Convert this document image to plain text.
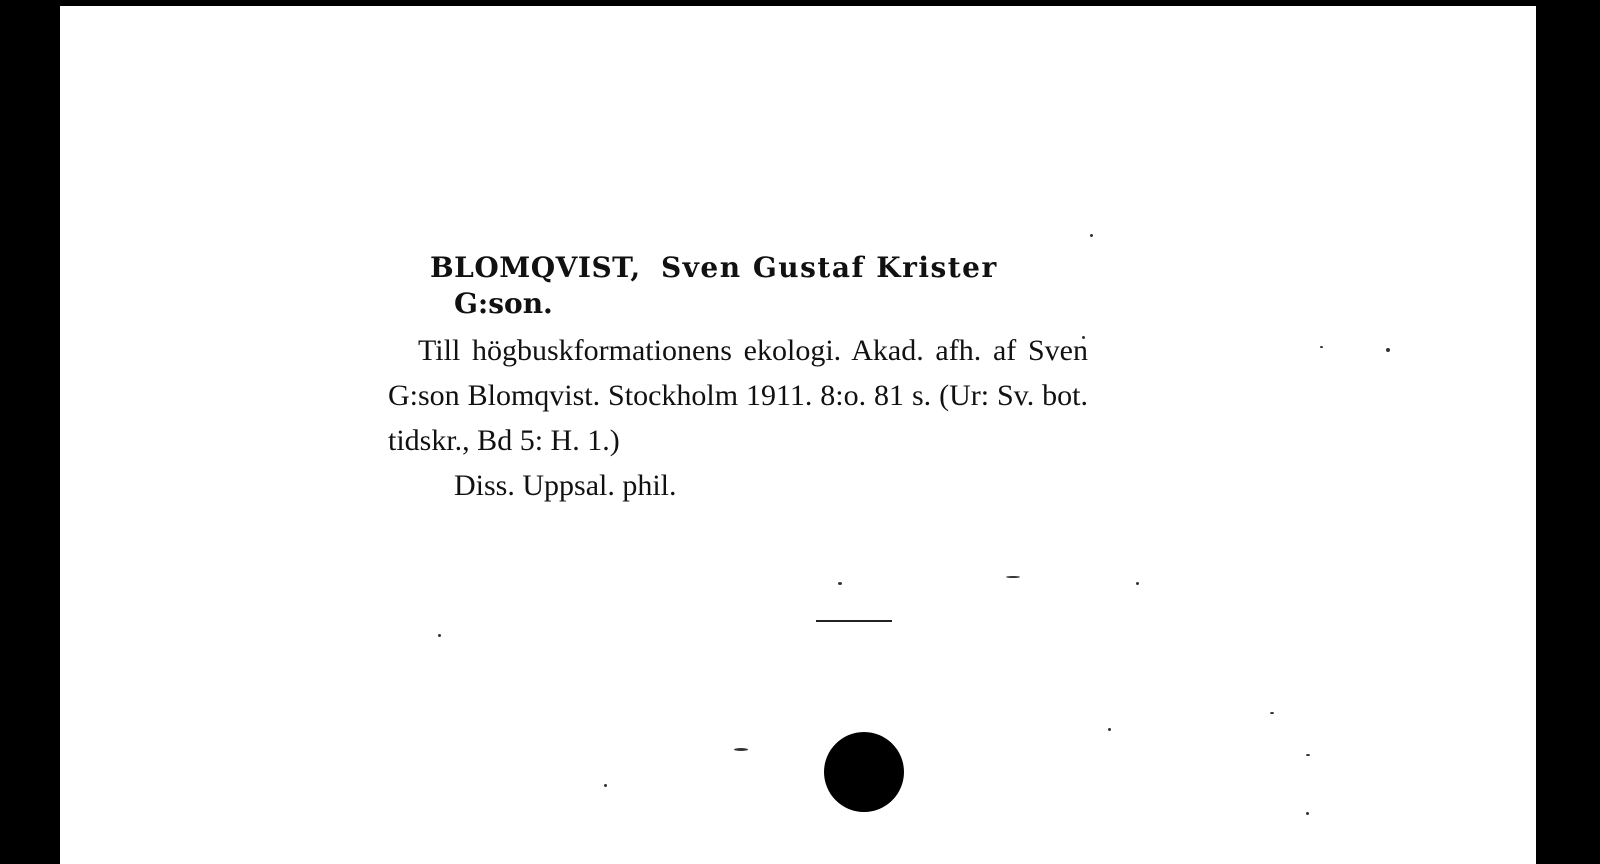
BLOMQVIST, Sven Gustaf Krister
G:son.
Till högbuskformationens ekologi. Akad. afh. af Sven G:son Blomqvist. Stockholm 1911. 8:o. 81 s. (Ur: Sv. bot. tidskr., Bd 5: H. 1.)
Diss. Uppsal. phil.
